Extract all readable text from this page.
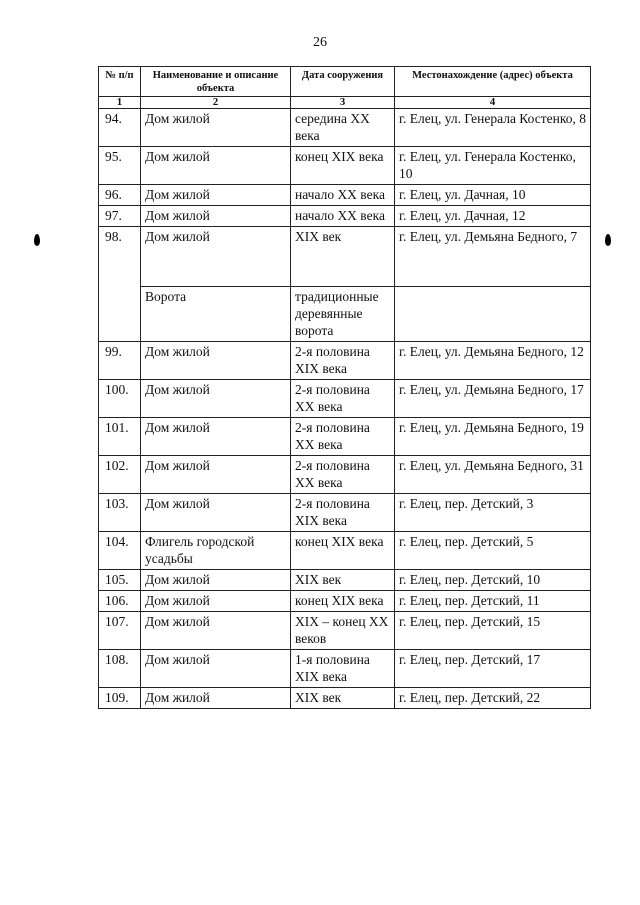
26
№ п/п	Наименование и описание объекта	Дата сооружения	Местонахождение (адрес) объекта
1	2	3	4
94.	Дом жилой	середина XX века	г. Елец, ул. Генерала Костенко, 8
95.	Дом жилой	конец XIX века	г. Елец, ул. Генерала Костенко, 10
96.	Дом жилой	начало XX века	г. Елец, ул. Дачная, 10
97.	Дом жилой	начало XX века	г. Елец, ул. Дачная, 12
98.	Дом жилой	XIX век	г. Елец, ул. Демьяна Бедного, 7
	Ворота	традиционные деревянные ворота	
99.	Дом жилой	2-я половина XIX века	г. Елец, ул. Демьяна Бедного, 12
100.	Дом жилой	2-я половина XX века	г. Елец, ул. Демьяна Бедного, 17
101.	Дом жилой	2-я половина XX века	г. Елец, ул. Демьяна Бедного, 19
102.	Дом жилой	2-я половина XX века	г. Елец, ул. Демьяна Бедного, 31
103.	Дом жилой	2-я половина XIX века	г. Елец, пер. Детский, 3
104.	Флигель городской усадьбы	конец XIX века	г. Елец, пер. Детский, 5
105.	Дом жилой	XIX век	г. Елец, пер. Детский, 10
106.	Дом жилой	конец XIX века	г. Елец, пер. Детский, 11
107.	Дом жилой	XIX – конец XX веков	г. Елец, пер. Детский, 15
108.	Дом жилой	1-я половина XIX века	г. Елец, пер. Детский, 17
109.	Дом жилой	XIX век	г. Елец, пер. Детский, 22
